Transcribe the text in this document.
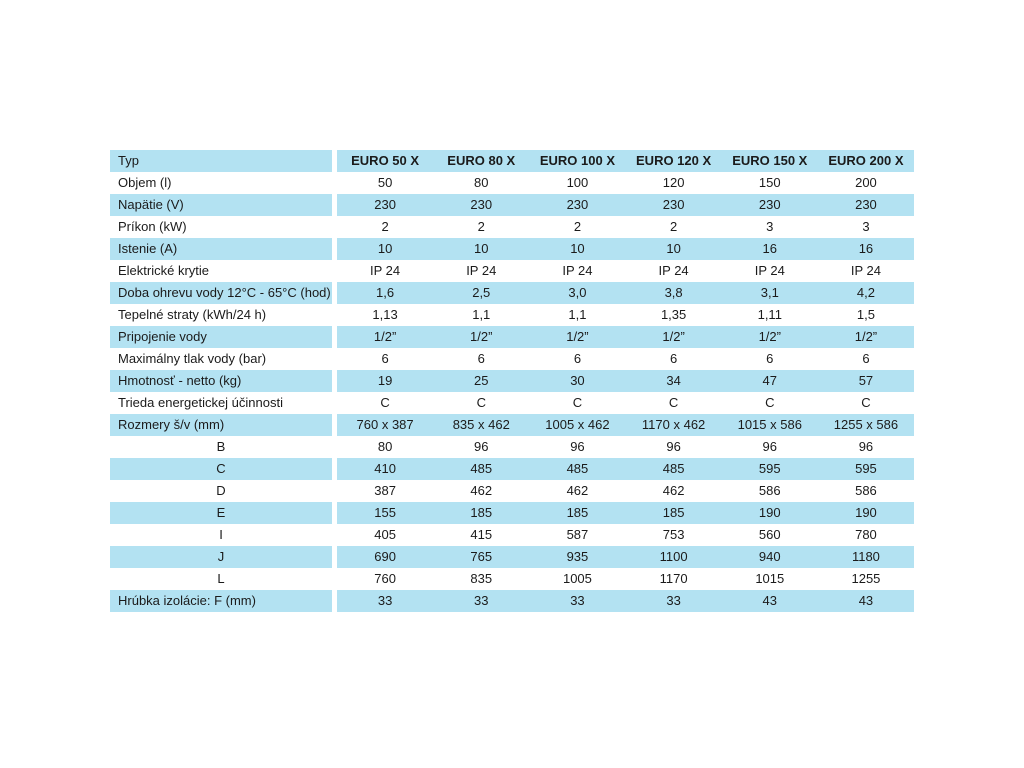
Typ	EURO 50 X	EURO 80 X	EURO 100 X	EURO 120 X	EURO 150 X	EURO 200 X
Objem (l)	50	80	100	120	150	200
Napätie (V)	230	230	230	230	230	230
Príkon (kW)	2	2	2	2	3	3
Istenie (A)	10	10	10	10	16	16
Elektrické krytie	IP 24	IP 24	IP 24	IP 24	IP 24	IP 24
Doba ohrevu vody 12°C - 65°C (hod)	1,6	2,5	3,0	3,8	3,1	4,2
Tepelné straty (kWh/24 h)	1,13	1,1	1,1	1,35	1,11	1,5
Pripojenie vody	1/2”	1/2”	1/2”	1/2”	1/2”	1/2”
Maximálny tlak vody (bar)	6	6	6	6	6	6
Hmotnosť - netto (kg)	19	25	30	34	47	57
Trieda energetickej účinnosti	C	C	C	C	C	C
Rozmery š/v (mm)	760 x 387	835 x 462	1005 x 462	1170 x 462	1015 x 586	1255 x 586
B	80	96	96	96	96	96
C	410	485	485	485	595	595
D	387	462	462	462	586	586
E	155	185	185	185	190	190
I	405	415	587	753	560	780
J	690	765	935	1100	940	1180
L	760	835	1005	1170	1015	1255
Hrúbka izolácie: F (mm)	33	33	33	33	43	43
